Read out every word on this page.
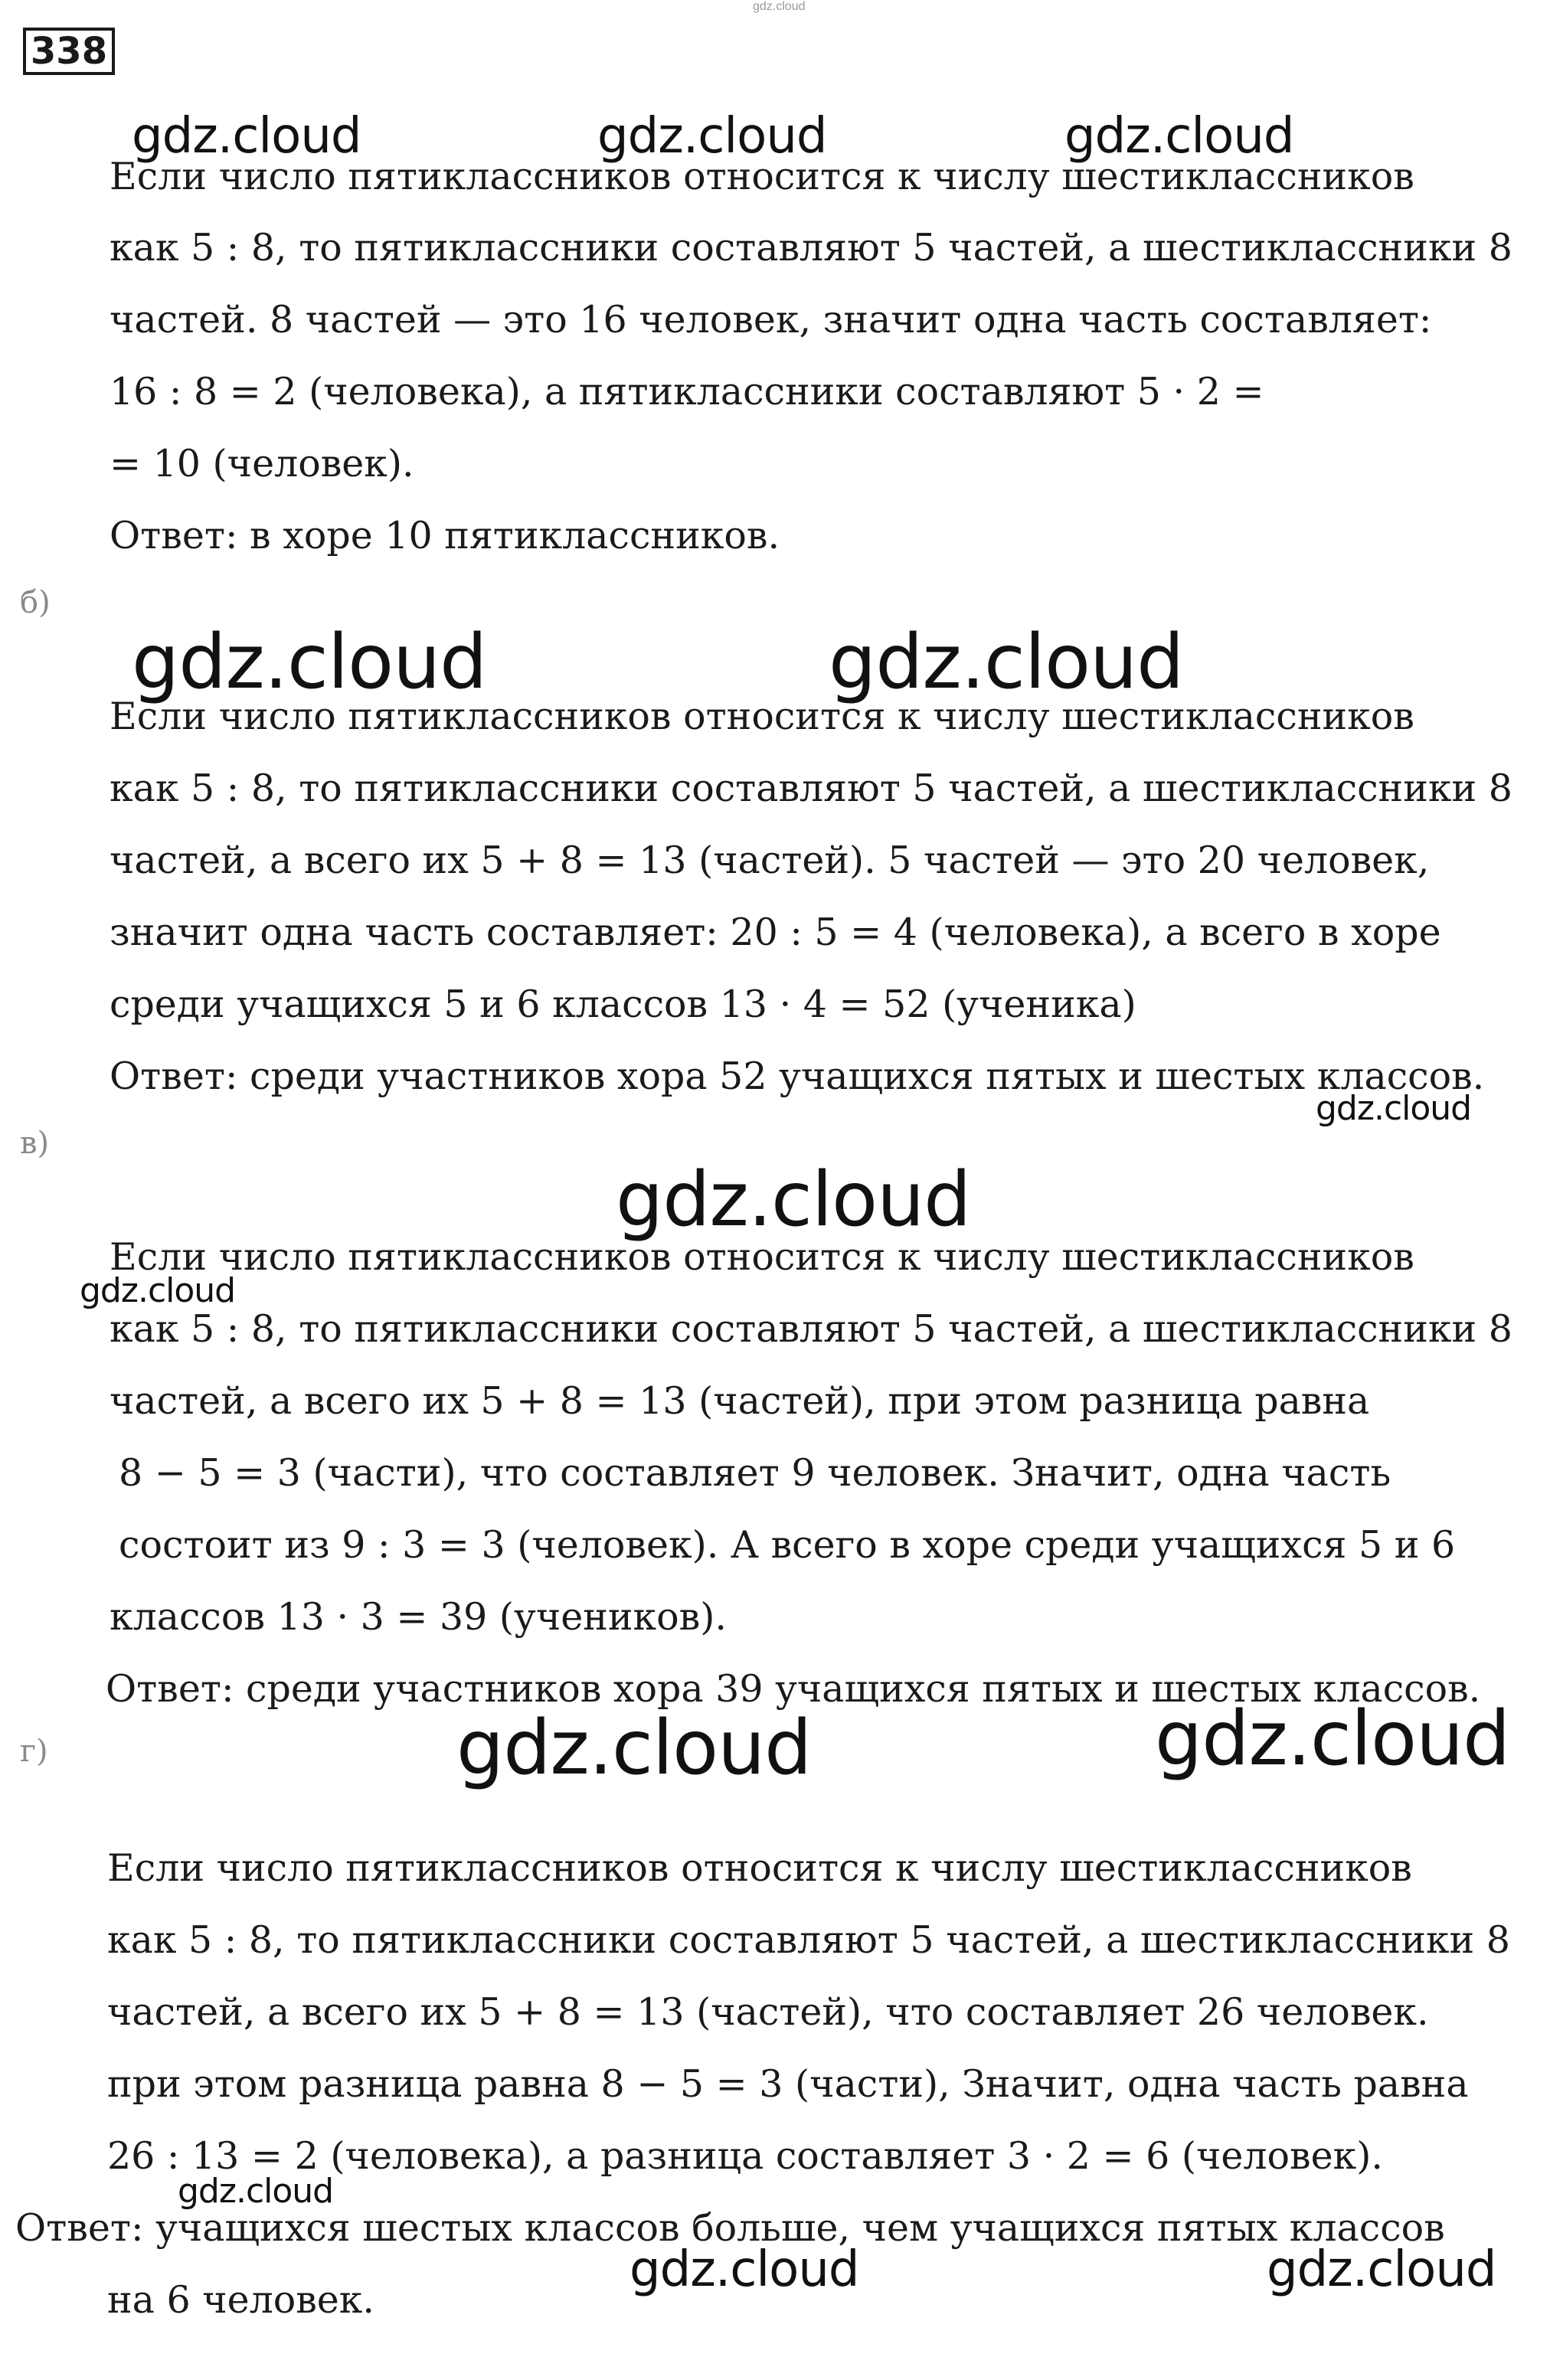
gdz.cloud
338
Если число пятиклассников относится к числу шестиклассников
как 5 : 8, то пятиклассники составляют 5 частей, а шестиклассники 8
частей. 8 частей — это 16 человек, значит одна часть составляет:
16 : 8 = 2 (человека), а пятиклассники составляют 5 · 2 =
= 10 (человек).
Ответ: в хоре 10 пятиклассников.
б)
Если число пятиклассников относится к числу шестиклассников
как 5 : 8, то пятиклассники составляют 5 частей, а шестиклассники 8
частей, а всего их 5 + 8 = 13 (частей). 5 частей — это 20 человек,
значит одна часть составляет: 20 : 5 = 4 (человека), а всего в хоре
среди учащихся 5 и 6 классов 13 · 4 = 52 (ученика)
Ответ: среди участников хора 52 учащихся пятых и шестых классов.
в)
Если число пятиклассников относится к числу шестиклассников
как 5 : 8, то пятиклассники составляют 5 частей, а шестиклассники 8
частей, а всего их 5 + 8 = 13 (частей), при этом разница равна
8 − 5 = 3 (части), что составляет 9 человек. Значит, одна часть
состоит из 9 : 3 = 3 (человек). А всего в хоре среди учащихся 5 и 6
классов 13 · 3 = 39 (учеников).
Ответ: среди участников хора 39 учащихся пятых и шестых классов.
г)
Если число пятиклассников относится к числу шестиклассников
как 5 : 8, то пятиклассники составляют 5 частей, а шестиклассники 8
частей, а всего их 5 + 8 = 13 (частей), что составляет 26 человек.
при этом разница равна 8 − 5 = 3 (части), Значит, одна часть равна
26 : 13 = 2 (человека), а разница составляет 3 · 2 = 6 (человек).
Ответ: учащихся шестых классов больше, чем учащихся пятых классов
на 6 человек.
gdz.cloud	gdz.cloud	gdz.cloud
gdz.cloud	gdz.cloud
gdz.cloud
gdz.cloud
gdz.cloud
gdz.cloud	gdz.cloud
gdz.cloud
gdz.cloud	gdz.cloud
